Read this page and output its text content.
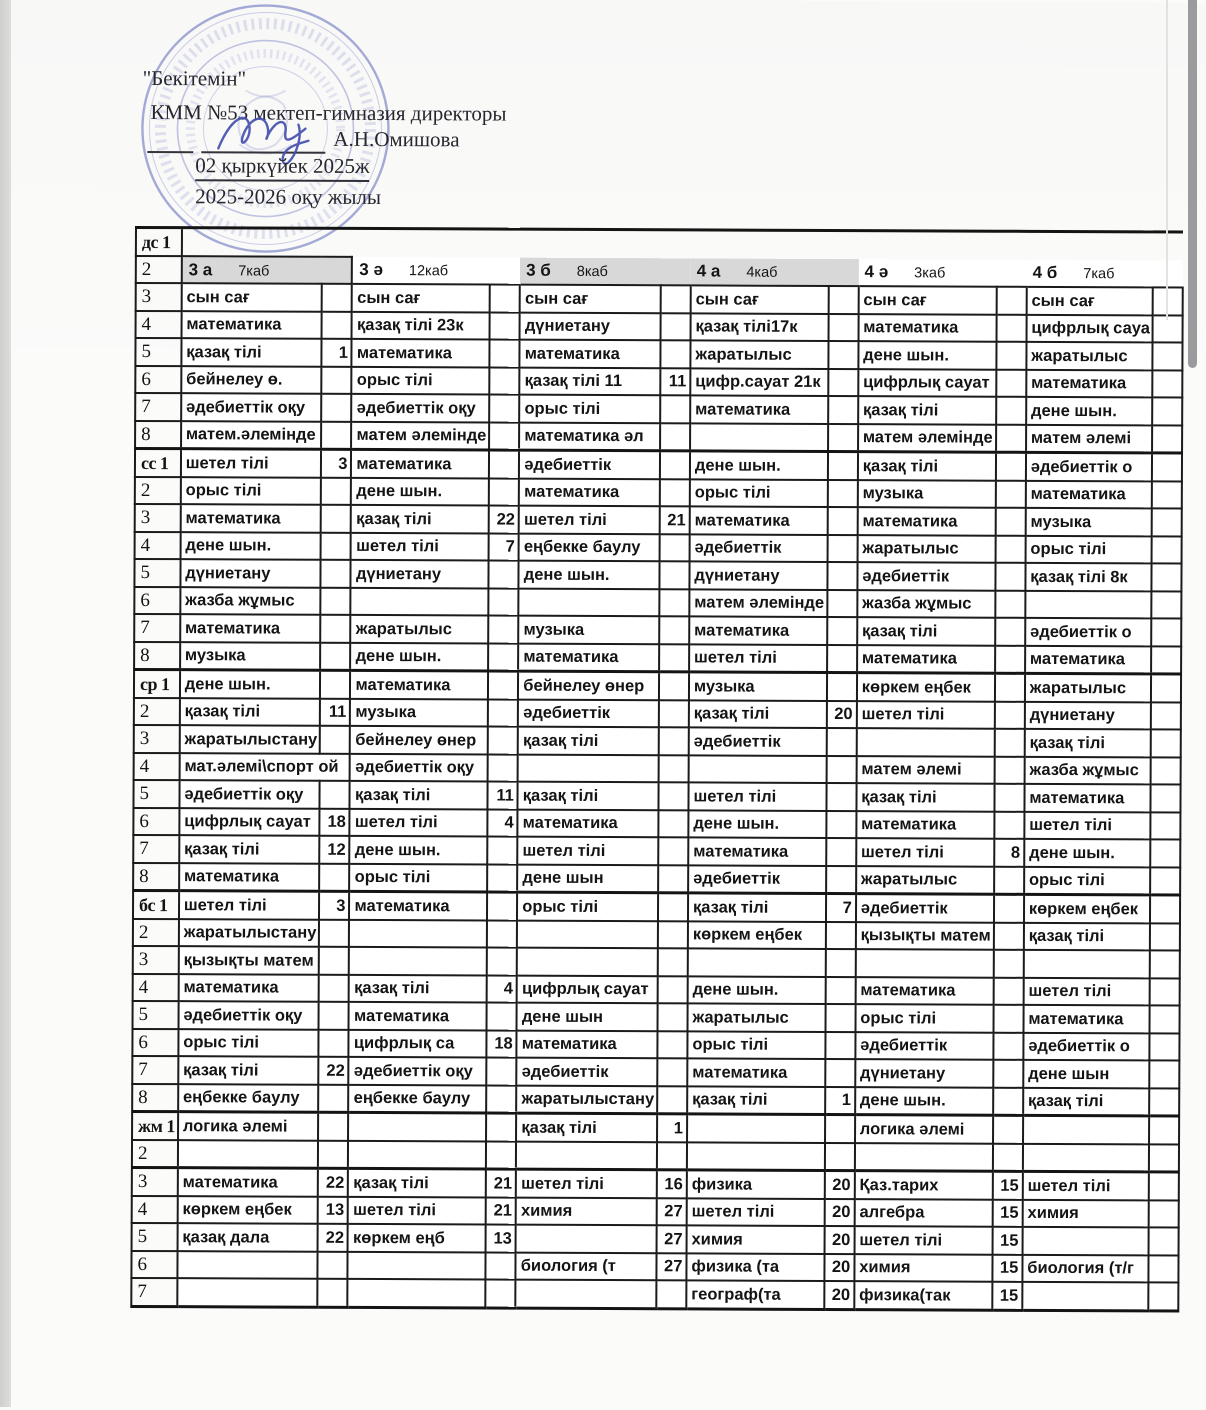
"Бекітемін"
КММ №53 мектеп-гимназия директоры
А.Н.Омишова
02 қыркүйек 2025ж
2025-2026 оқу жылы
дс 1												
2	3 а 7каб		3 ә 12каб		3 б 8каб		4 а 4каб		4 ә 3каб		4 б 7каб	
3	сын сағ		сын сағ		сын сағ		сын сағ		сын сағ		сын сағ	
4	математика		қазақ тілі 23к		дүниетану		қазақ тілі17к		математика		цифрлық сауа	
5	қазақ тілі	1	математика		математика		жаратылыс		дене шын.		жаратылыс	
6	бейнелеу ө.		орыс тілі		қазақ тілі 11	11	цифр.сауат 21к		цифрлық сауат		математика	
7	әдебиеттік оқу		әдебиеттік оқу		орыс тілі		математика		қазақ тілі		дене шын.	
8	матем.әлемінде		матем әлемінде		математика әл				матем әлемінде		матем әлемі	
сс 1	шетел тілі	3	математика		әдебиеттік		дене шын.		қазақ тілі		әдебиеттік о	
2	орыс тілі		дене шын.		математика		орыс тілі		музыка		математика	
3	математика		қазақ тілі	22	шетел тілі	21	математика		математика		музыка	
4	дене шын.		шетел тілі	7	еңбекке баулу		әдебиеттік		жаратылыс		орыс тілі	
5	дүниетану		дүниетану		дене шын.		дүниетану		әдебиеттік		қазақ тілі 8к	
6	жазба жұмыс						матем әлемінде		жазба жұмыс			
7	математика		жаратылыс		музыка		математика		қазақ тілі		әдебиеттік о	
8	музыка		дене шын.		математика		шетел тілі		математика		математика	
ср 1	дене шын.		математика		бейнелеу өнер		музыка		көркем еңбек		жаратылыс	
2	қазақ тілі	11	музыка		әдебиеттік		қазақ тілі	20	шетел тілі		дүниетану	
3	жаратылыстану		бейнелеу өнер		қазақ тілі		әдебиеттік				қазақ тілі	
4	мат.әлемі\спорт ой		әдебиеттік оқу						матем әлемі		жазба жұмыс	
5	әдебиеттік оқу		қазақ тілі	11	қазақ тілі		шетел тілі		қазақ тілі		математика	
6	цифрлық сауат	18	шетел тілі	4	математика		дене шын.		математика		шетел тілі	
7	қазақ тілі	12	дене шын.		шетел тілі		математика		шетел тілі	8	дене шын.	
8	математика		орыс тілі		дене шын		әдебиеттік		жаратылыс		орыс тілі	
бс 1	шетел тілі	3	математика		орыс тілі		қазақ тілі	7	әдебиеттік		көркем еңбек	
2	жаратылыстану						көркем еңбек		қызықты матем		қазақ тілі	
3	қызықты матем											
4	математика		қазақ тілі	4	цифрлық сауат		дене шын.		математика		шетел тілі	
5	әдебиеттік оқу		математика		дене шын		жаратылыс		орыс тілі		математика	
6	орыс тілі		цифрлық са	18	математика		орыс тілі		әдебиеттік		әдебиеттік о	
7	қазақ тілі	22	әдебиеттік оқу		әдебиеттік		математика		дүниетану		дене шын	
8	еңбекке баулу		еңбекке баулу		жаратылыстану		қазақ тілі	1	дене шын.		қазақ тілі	
жм 1	логика әлемі				қазақ тілі	1			логика әлемі			
2												
3	математика	22	қазақ тілі	21	шетел тілі	16	физика	20	Қаз.тарих	15	шетел тілі	
4	көркем еңбек	13	шетел тілі	21	химия	27	шетел тілі	20	алгебра	15	химия	
5	қазақ дала	22	көркем еңб	13		27	химия	20	шетел тілі	15		
6					биология (т	27	физика (та	20	химия	15	биология (т/г	
7							географ(та	20	физика(так	15		
